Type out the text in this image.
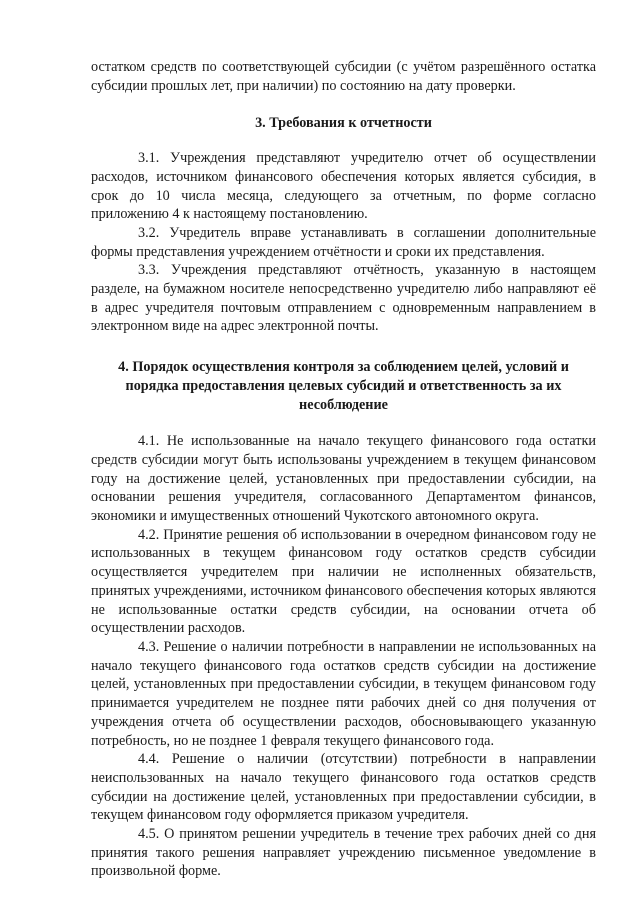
остатком средств по соответствующей субсидии (с учётом разрешённого остатка субсидии прошлых лет, при наличии) по состоянию на дату проверки.

3. Требования к отчетности

3.1. Учреждения представляют учредителю отчет об осуществлении расходов, источником финансового обеспечения которых является субсидия, в срок до 10 числа месяца, следующего за отчетным, по форме согласно приложению 4 к настоящему постановлению.

3.2. Учредитель вправе устанавливать в соглашении дополнительные формы представления учреждением отчётности и сроки их представления.

3.3. Учреждения представляют отчётность, указанную в настоящем разделе, на бумажном носителе непосредственно учредителю либо направляют её в адрес учредителя почтовым отправлением с одновременным направлением в электронном виде на адрес электронной почты.

4. Порядок осуществления контроля за соблюдением целей, условий и порядка предоставления целевых субсидий и ответственность за их несоблюдение

4.1. Не использованные на начало текущего финансового года остатки средств субсидии могут быть использованы учреждением в текущем финансовом году на достижение целей, установленных при предоставлении субсидии, на основании решения учредителя, согласованного Департаментом финансов, экономики и имущественных отношений Чукотского автономного округа.

4.2. Принятие решения об использовании в очередном финансовом году не использованных в текущем финансовом году остатков средств субсидии осуществляется учредителем при наличии не исполненных обязательств, принятых учреждениями, источником финансового обеспечения которых являются не использованные остатки средств субсидии, на основании отчета об осуществлении расходов.

4.3. Решение о наличии потребности в направлении не использованных на начало текущего финансового года остатков средств субсидии на достижение целей, установленных при предоставлении субсидии, в текущем финансовом году принимается учредителем не позднее пяти рабочих дней со дня получения от учреждения отчета об осуществлении расходов, обосновывающего указанную потребность, но не позднее 1 февраля текущего финансового года.

4.4. Решение о наличии (отсутствии) потребности в направлении неиспользованных на начало текущего финансового года остатков средств субсидии на достижение целей, установленных при предоставлении субсидии, в текущем финансовом году оформляется приказом учредителя.

4.5. О принятом решении учредитель в течение трех рабочих дней со дня принятия такого решения направляет учреждению письменное уведомление в произвольной форме.
